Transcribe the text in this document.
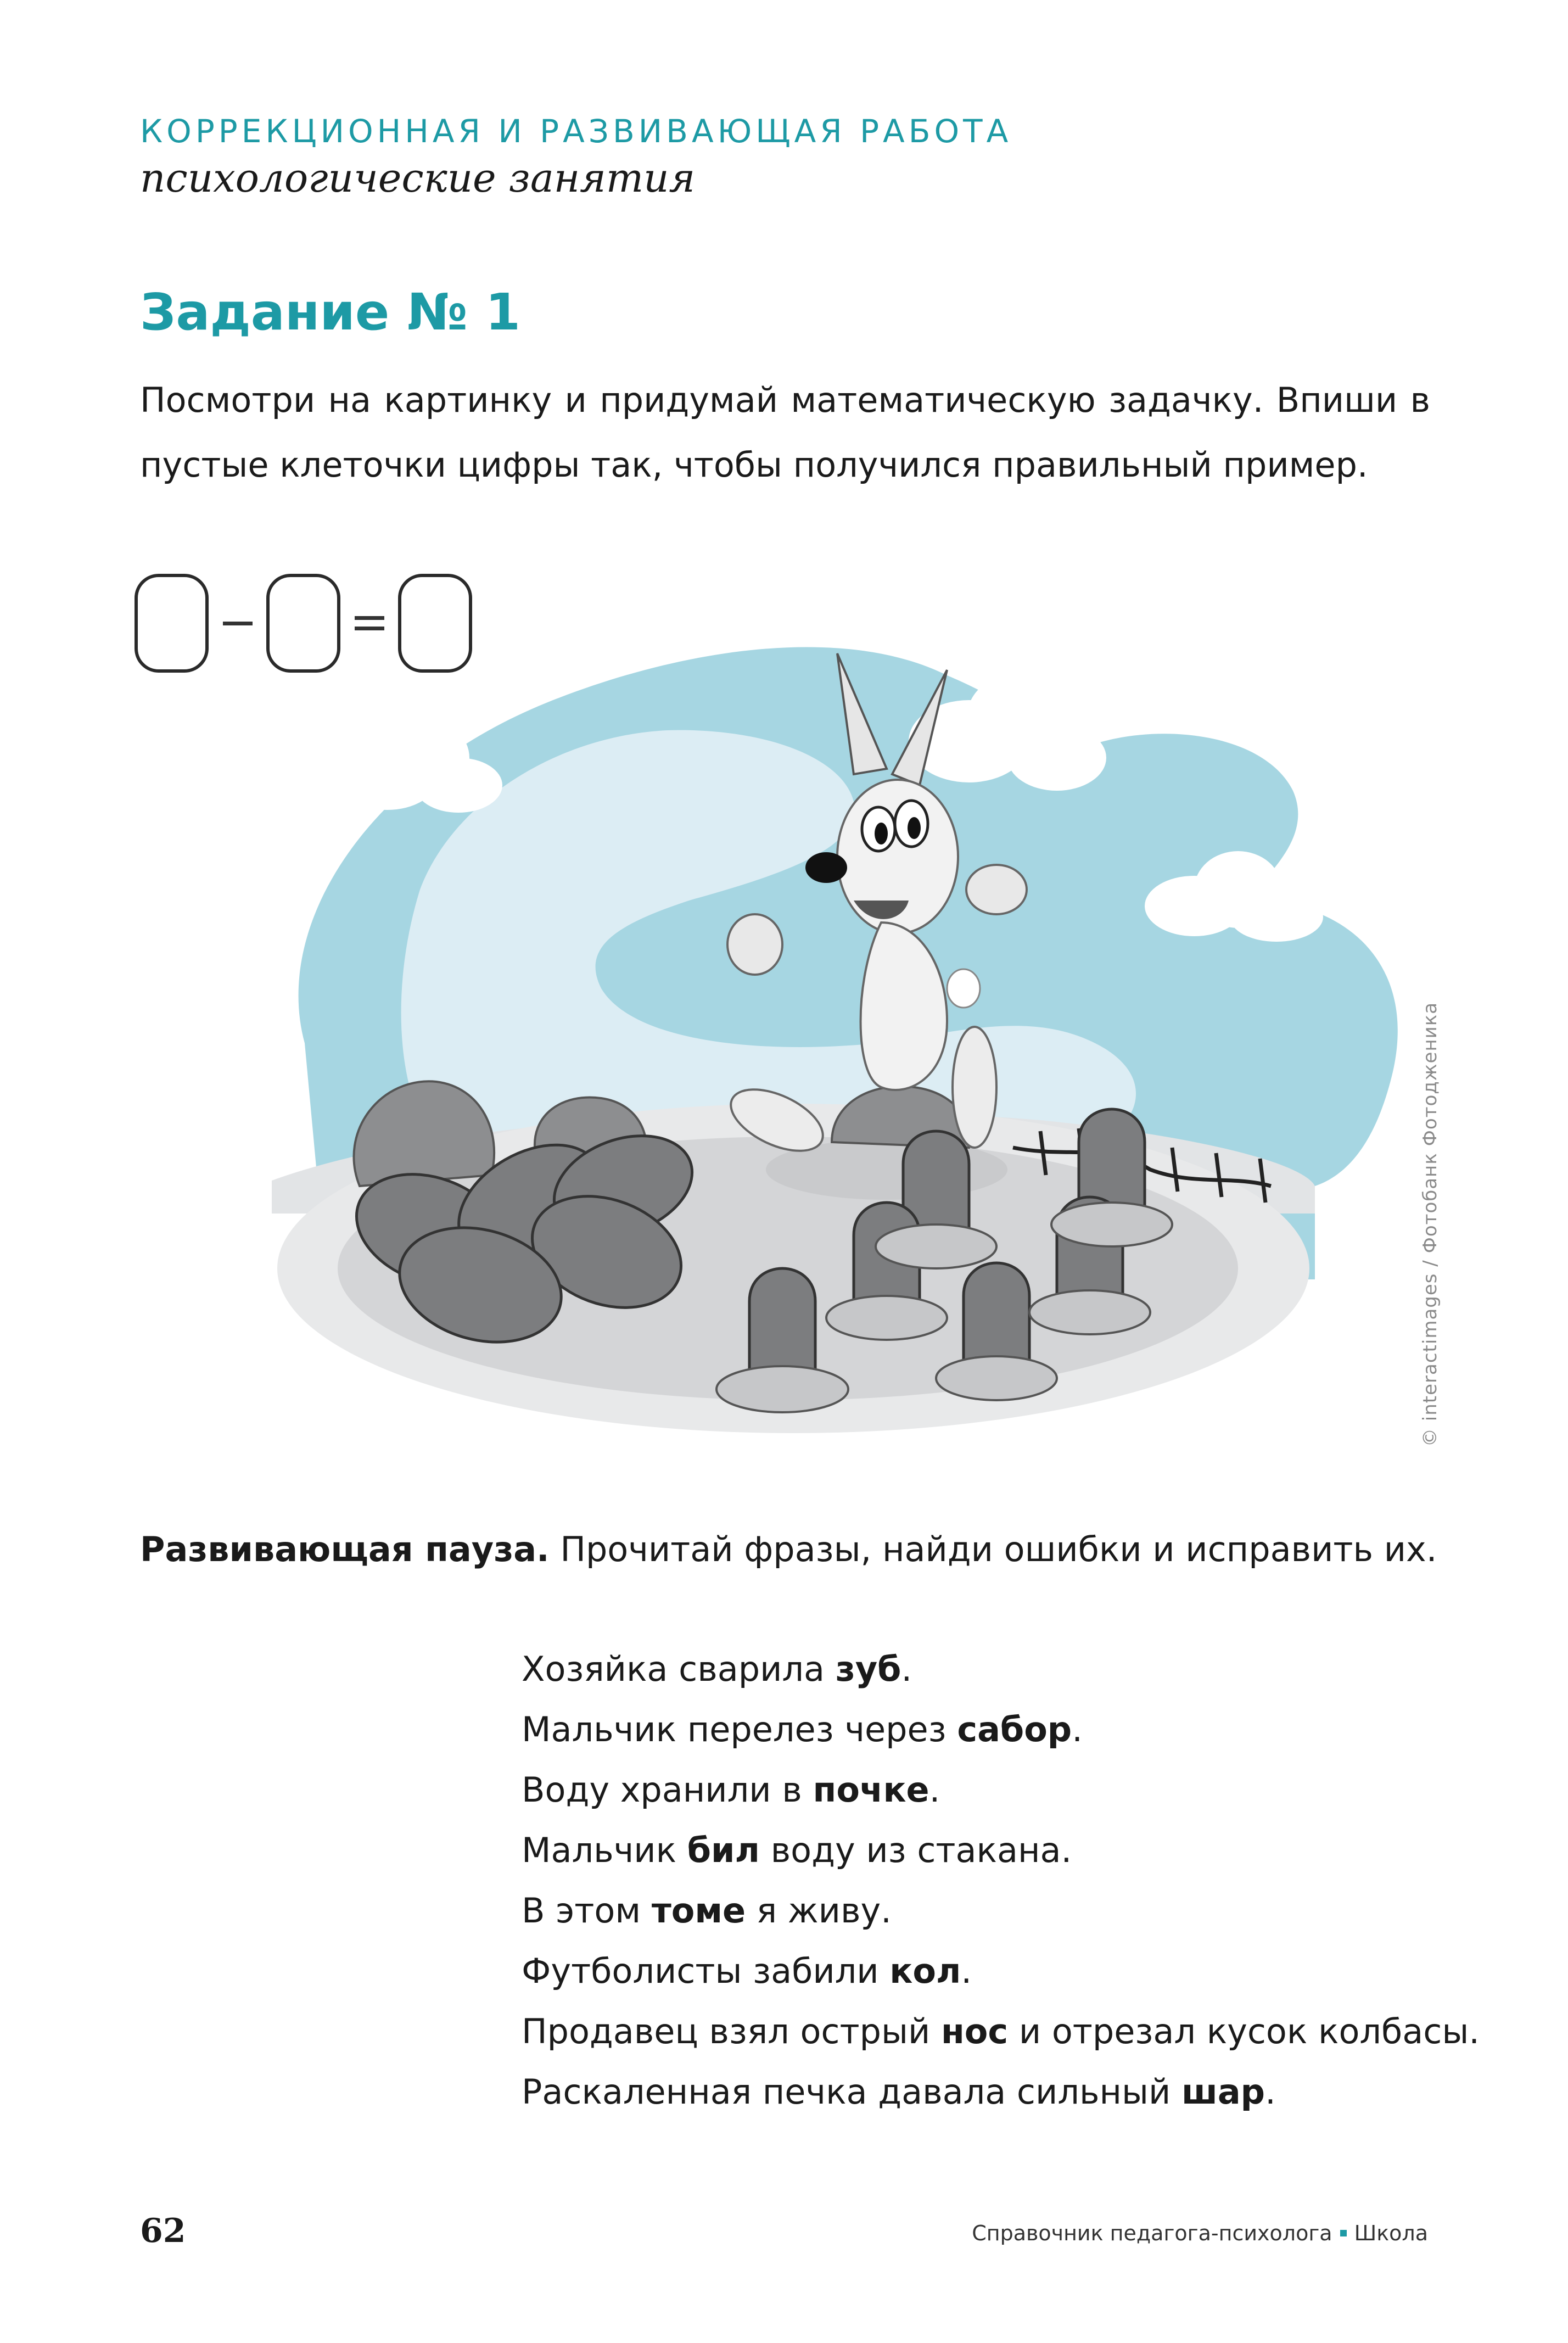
КОРРЕКЦИОННАЯ И РАЗВИВАЮЩАЯ РАБОТА
психологические занятия
Задание № 1
Посмотри на картинку и придумай математическую задачку. Впиши в пустые клеточки цифры так, чтобы получился правильный пример.
© interactimages / Фотобанк Фотодженика
Развивающая пауза. Прочитай фразы, найди ошибки и исправить их.
Хозяйка сварила зуб.
Мальчик перелез через сабор.
Воду хранили в почке.
Мальчик бил воду из стакана.
В этом томе я живу.
Футболисты забили кол.
Продавец взял острый нос и отрезал кусок колбасы.
Раскаленная печка давала сильный шар.
62	Справочник педагога-психолога Школа
